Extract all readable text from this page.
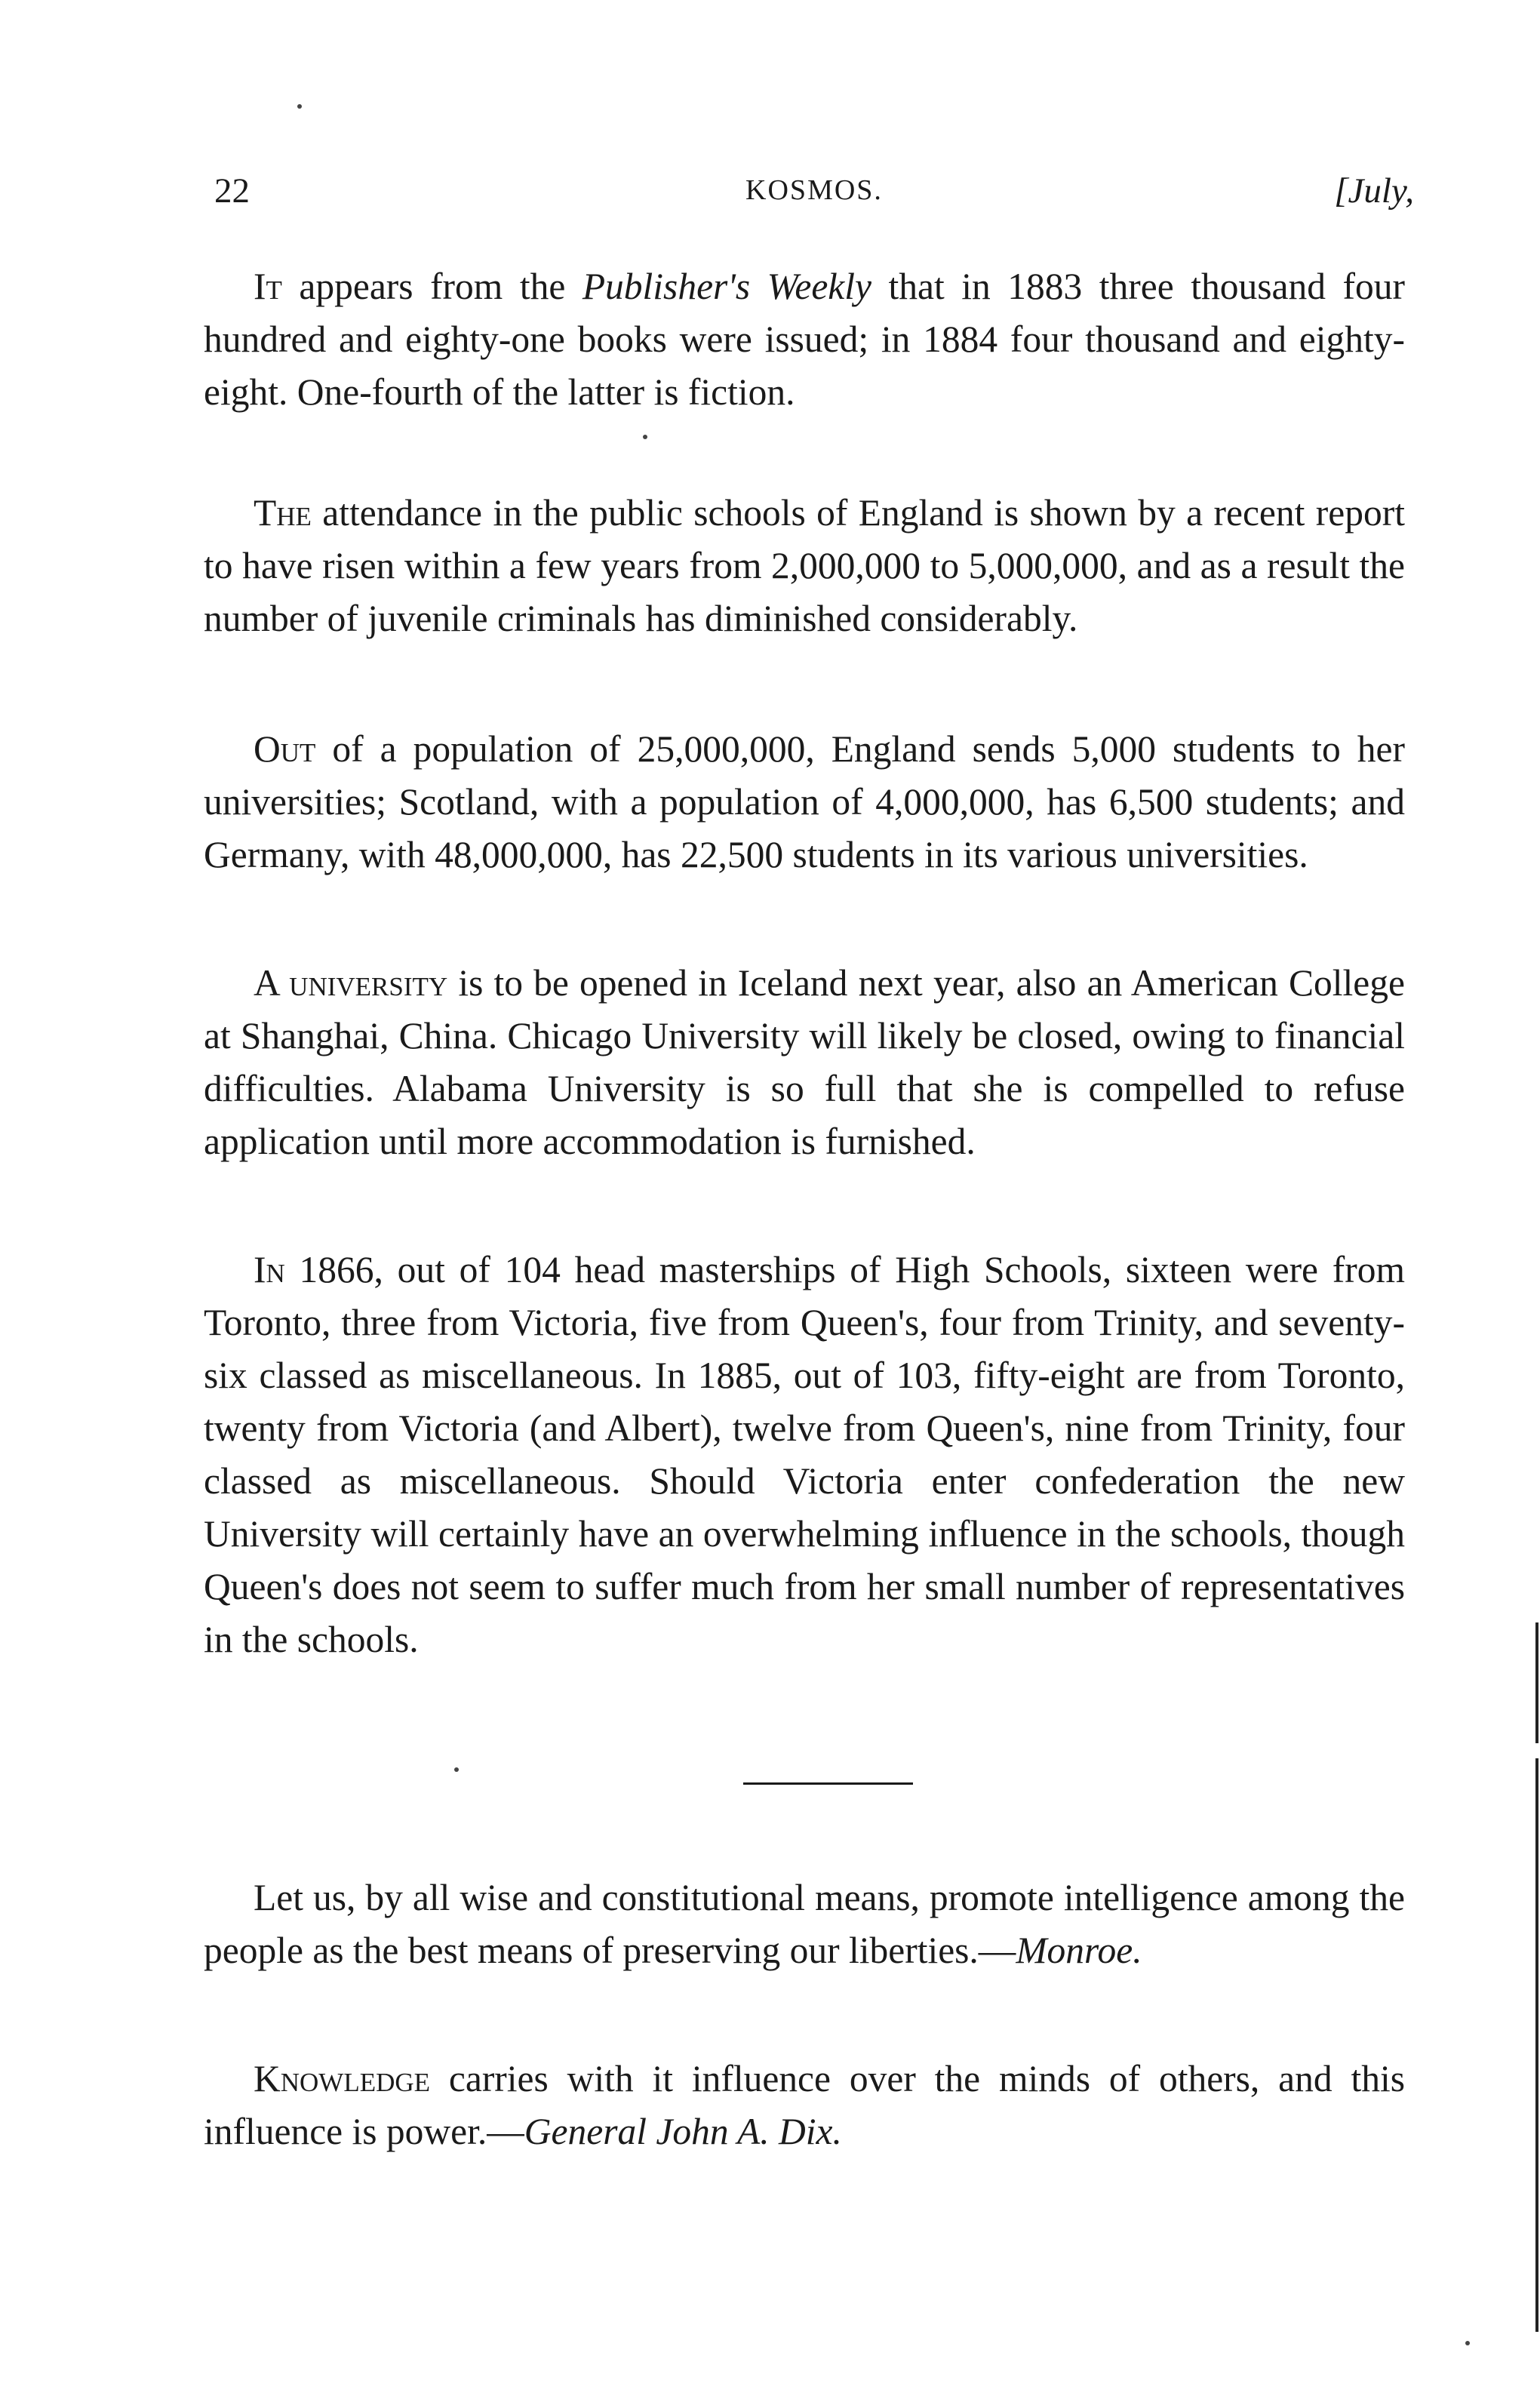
22	KOSMOS.	[July,

It appears from the Publisher's Weekly that in 1883 three thousand four hundred and eighty-one books were issued; in 1884 four thousand and eighty-eight. One-fourth of the latter is fiction.

The attendance in the public schools of England is shown by a recent report to have risen within a few years from 2,000,000 to 5,000,000, and as a result the number of juvenile criminals has diminished considerably.

Out of a population of 25,000,000, England sends 5,000 students to her universities; Scotland, with a population of 4,000,000, has 6,500 students; and Germany, with 48,000,000, has 22,500 students in its various universities.

A university is to be opened in Iceland next year, also an American College at Shanghai, China. Chicago University will likely be closed, owing to financial difficulties. Alabama University is so full that she is compelled to refuse application until more accommodation is furnished.

In 1866, out of 104 head masterships of High Schools, sixteen were from Toronto, three from Victoria, five from Queen's, four from Trinity, and seventy-six classed as miscellaneous. In 1885, out of 103, fifty-eight are from Toronto, twenty from Victoria (and Albert), twelve from Queen's, nine from Trinity, four classed as miscellaneous. Should Victoria enter confederation the new University will certainly have an overwhelming influence in the schools, though Queen's does not seem to suffer much from her small number of representatives in the schools.

Let us, by all wise and constitutional means, promote intelligence among the people as the best means of preserving our liberties.—Monroe.

Knowledge carries with it influence over the minds of others, and this influence is power.—General John A. Dix.
